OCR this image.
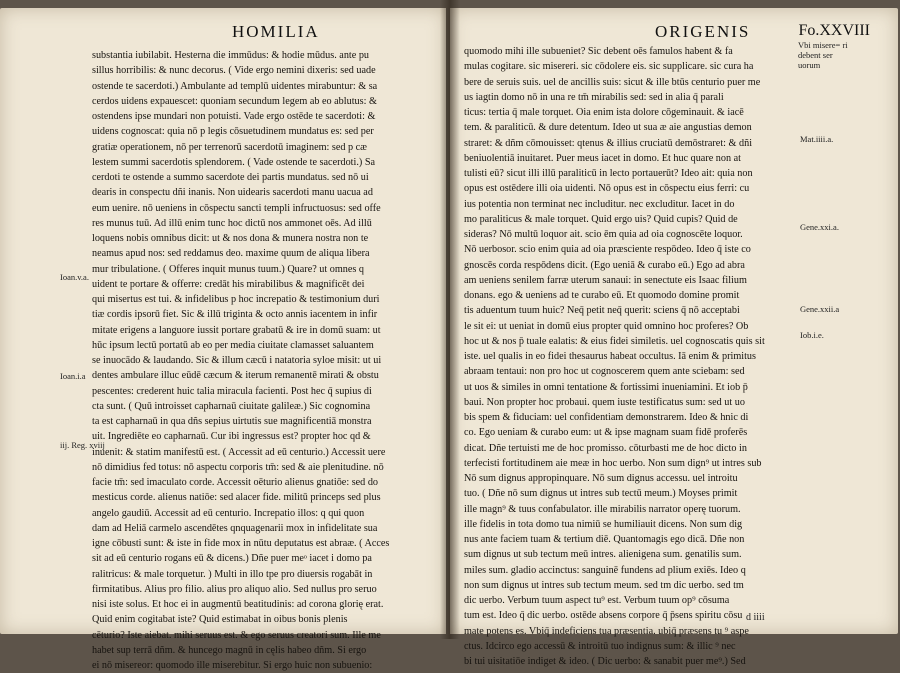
HOMILIA
substantia iubilabit. Hesterna die immūdus: & hodie mūdus. ante pu
sillus horribilis: & nunc decorus. ( Vide ergo nemini dixeris: sed uade
ostende te sacerdoti.) Ambulante ad templū uidentes mirabuntur: & sa
cerdos uidens expauescet: quoniam secundum legem ab eo ablutus: &
ostendens ipse mundari non potuisti. Vade ergo ostēde te sacerdoti: &
uidens cognoscat: quia nō p legis cōsuetudinem mundatus es: sed per
gratiæ operationem, nō per terrenorū sacerdotū imaginem: sed p cæ
lestem summi sacerdotis splendorem. ( Vade ostende te sacerdoti.) Sa
cerdoti te ostende a summo sacerdote dei partis mundatus. sed nō ui
dearis in conspectu dñi inanis. Non uidearis sacerdoti manu uacua ad
eum uenire. nō ueniens in cōspectu sancti templi infructuosus: sed offe
res munus tuū. Ad illū enim tunc hoc dictū nos ammonet oēs. Ad illū
loquens nobis omnibus dicit: ut & nos dona & munera nostra non te
neamus apud nos: sed reddamus deo. maxime quum de aliqua libera
mur tribulatione. ( Offeres inquit munus tuum.) Quare? ut omnes q
uident te portare & offerre: credāt his mirabilibus & magnificēt dei
qui misertus est tui. & infidelibus p hoc increpatio & testimonium duri
tiæ cordis ipsorū fiet. Sic & illū triginta & octo annis iacentem in infir
mitate erigens a languore iussit portare grabatū & ire in domū suam: ut
hūc ipsum lectū portatū ab eo per media ciuitate clamasset saluantem
se inuocādo & laudando. Sic & illum cæcū i natatoria syloe misit: ut ui
dentes ambulare illuc eūdē cæcum & iterum remanentē mirati & obstu
pescentes: crederent huic talia miracula facienti. Post hec q̄ supius di
cta sunt. ( Quū introisset capharnaū ciuitate galileæ.) Sic cognomina
ta est capharnaū in qua dñs sepius uirtutis sue magnificentiā monstra
uit. Ingrediēte eo capharnaū. Cur ibi ingressus est? propter hoc qd &
inuenit: & statim manifestū est. ( Accessit ad eū centurio.) Accessit uere
nō dimidius fed totus: nō aspectu corporis tm̄: sed & aie plenitudine. nō
facie tm̄: sed imaculato corde. Accessit oēturio alienus gnatiōe: sed do
mesticus corde. alienus natiōe: sed alacer fide. militū princeps sed plus
angelo gaudiū. Accessit ad eū centurio. Increpatio illos: q qui quon
dam ad Heliā carmelo ascendētes qnquagenarii mox in infidelitate sua
igne cōbusti sunt: & iste in fide mox in nūtu deputatus est abraæ. ( Acces
sit ad eū centurio rogans eū & dicens.) Dñe puer meᵒ iacet i domo pa
ralitricus: & male torquetur. ) Multi in illo tpe pro diuersis rogabāt in
firmitatibus. Alius pro filio. alius pro aliquo alio. Sed nullus pro seruo
nisi iste solus. Et hoc ei in augmentū beatitudinis: ad corona glorię erat.
Quid enim cogitabat iste? Quid estimabat in oibus bonis plenis
cēturio? Iste aiebat. mihi seruus est. & ego seruus creatori sum. Ille me
habet sup terrā dñm. & huncego magnū in cęlis habeo dñm. Si ergo
ei nō misereor: quomodo ille miserebitur. Si ergo huic non subuenio:
Ioan.v.a.
Ioan.i.a
iij. Reg. xviij
ORIGENIS	Fo.XXVIII
quomodo mihi ille subueniet? Sic debent oēs famulos habent & fa
mulas cogitare. sic misereri. sic cōdolere eis. sic supplicare. sic cura ha
bere de seruis suis. uel de ancillis suis: sicut & ille btūs centurio puer me
us iagtin domo nō in una re tm̄ mirabilis sed: sed in alia q̄ parali
ticus: tertia q̄ male torquet. Oia enim ista dolore cōgeminauit. & iacē
tem. & paraliticū. & dure detentum. Ideo ut sua æ aie angustias demon
straret: & dñm cōmouisset: qtenus & illius cruciatū demōstraret: & dñi
beniuolentiā inuitaret. Puer meus iacet in domo. Et huc quare non at
tulisti eū? sicut illi illū paraliticū in lecto portauerūt? Ideo ait: quia non
opus est ostēdere illi oia uidenti. Nō opus est in cōspectu eius ferri: cu
ius potentia non terminat nec includitur. nec excluditur. Iacet in do
mo paraliticus & male torquet. Quid ergo uis? Quid cupis? Quid de
sideras? Nō multū loquor ait. scio ēm quia ad oia cognoscēte loquor.
Nō uerbosor. scio enim quia ad oia præsciente respōdeo. Ideo q̄ iste co
gnoscēs corda respōdens dicit. (Ego ueniā & curabo eū.) Ego ad abra
am ueniens senilem farræ uterum sanaui: in senectute eis Isaac filium
donans. ego & ueniens ad te curabo eū. Et quomodo domine promit
tis aduentum tuum huic? Neq̄ petit neq̄ querit: sciens q̄ nō acceptabi
le sit ei: ut ueniat in domū eius propter quid omnino hoc proferes? Ob
hoc ut & nos p̄ tuale ealatis: & eius fidei similetis. uel cognoscatis quis sit
iste. uel qualis in eo fidei thesaurus habeat occultus. Iā enim & primitus
abraam tentaui: non pro hoc ut cognoscerem quem ante sciebam: sed
ut uos & similes in omni tentatione & fortissimi inueniamini. Et iob p̄
baui. Non propter hoc probaui. quem iuste testificatus sum: sed ut uo
bis spem & fiduciam: uel confidentiam demonstrarem. Ideo & hnic di
co. Ego ueniam & curabo eum: ut & ipse magnam suam fidē proferēs
dicat. Dñe tertuisti me de hoc promisso. cōturbasti me de hoc dicto in
terfecisti fortitudinem aie meæ in hoc uerbo. Non sum dign⁹ ut intres sub
Nō sum dignus appropinquare. Nō sum dignus accessu. uel introitu
tuo. ( Dñe nō sum dignus ut intres sub tectū meum.) Moyses primit
ille magn⁹ & tuus confabulator. ille mirabilis narrator operę tuorum.
ille fidelis in tota domo tua nimiū se humiliauit dicens. Non sum dig
nus ante faciem tuam & tertium diē. Quantomagis ego dicā. Dñe non
sum dignus ut sub tectum meū intres. alienigena sum. genatilis sum.
miles sum. gladio accinctus: sanguinē fundens ad plium exiēs. Ideo q
non sum dignus ut intres sub tectum meum. sed tm dic uerbo. sed tm
dic uerbo. Verbum tuum aspect tu⁹ est. Verbum tuum op⁹ cōsuma
tum est. Ideo q̄ dic uerbo. ostēde absens corpore q̄ p̄sens spiritu cōsu
mate potens es. Vbiq̄ indeficiens tua præsentia. ubiq̄ præsens tu ⁹ aspe
ctus. Idcirco ego accessū & introitū tuo indignus sum: & illic ⁹ nec
bi tui uisitatiōe indiget & ideo. ( Dic uerbo: & sanabit puer me⁹.) Sed
Vbi misere= ri debent ser uorum
Mat.iiii.a.
Gene.xxi.a.
Gene.xxii.a
Iob.i.e.
d iiii
